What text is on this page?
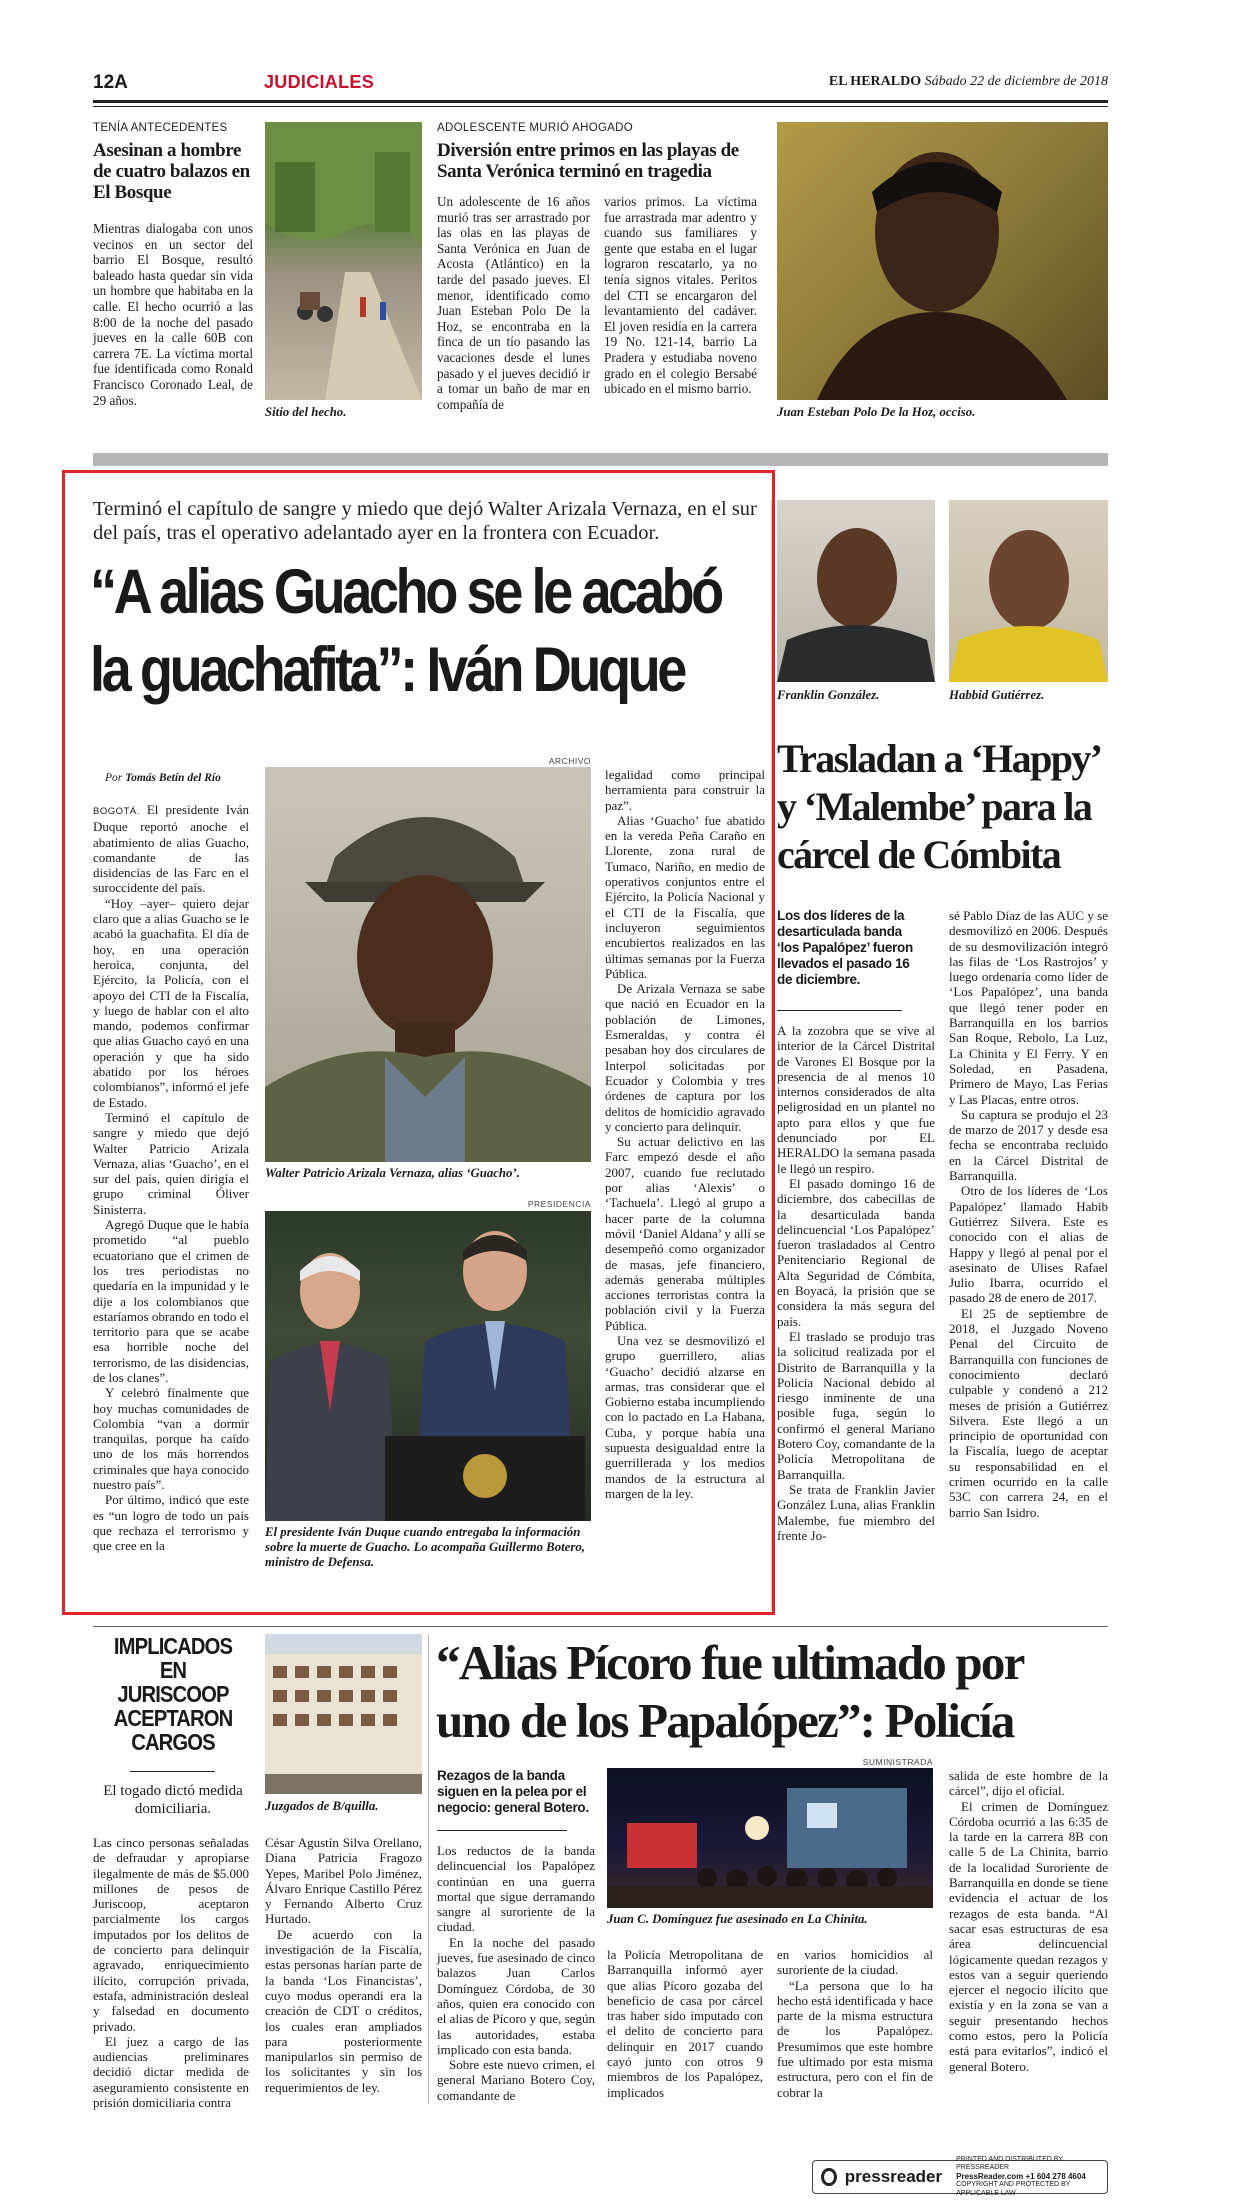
12A	JUDICIALES	EL HERALDO Sábado 22 de diciembre de 2018
TENÍA ANTECEDENTES
Asesinan a hombre de cuatro balazos en El Bosque

Mientras dialogaba con unos vecinos en un sector del barrio El Bosque, resultó baleado hasta quedar sin vida un hombre que habitaba en la calle. El hecho ocurrió a las 8:00 de la noche del pasado jueves en la calle 60B con carrera 7E. La víctima mortal fue identificada como Ronald Francisco Coronado Leal, de 29 años.

Sitio del hecho.
ADOLESCENTE MURIÓ AHOGADO
Diversión entre primos en las playas de Santa Verónica terminó en tragedia

Un adolescente de 16 años murió tras ser arrastrado por las olas en las playas de Santa Verónica en Juan de Acosta (Atlántico) en la tarde del pasado jueves. El menor, identificado como Juan Esteban Polo De la Hoz, se encontraba en la finca de un tío pasando las vacaciones desde el lunes pasado y el jueves decidió ir a tomar un baño de mar en compañía de

varios primos. La víctima fue arrastrada mar adentro y cuando sus familiares y gente que estaba en el lugar lograron rescatarlo, ya no tenía signos vitales. Peritos del CTI se encargaron del levantamiento del cadáver. El joven residía en la carrera 19 No. 121-14, barrio La Pradera y estudiaba noveno grado en el colegio Bersabé ubicado en el mismo barrio.

Juan Esteban Polo De la Hoz, occiso.
Terminó el capítulo de sangre y miedo que dejó Walter Arizala Vernaza, en el sur del país, tras el operativo adelantado ayer en la frontera con Ecuador.
“A alias Guacho se le acabó
la guachafita”: Iván Duque
Por Tomás Betín del Río

BOGOTÁ. El presidente Iván Duque reportó anoche el abatimiento de alias Guacho, comandante de las disidencias de las Farc en el suroccidente del país.

“Hoy –ayer– quiero dejar claro que a alias Guacho se le acabó la guachafita. El día de hoy, en una operación heroica, conjunta, del Ejército, la Policía, con el apoyo del CTI de la Fiscalía, y luego de hablar con el alto mando, podemos confirmar que alias Guacho cayó en una operación y que ha sido abatido por los héroes colombianos”, informó el jefe de Estado.

Terminó el capítulo de sangre y miedo que dejó Walter Patricio Arizala Vernaza, alias ‘Guacho’, en el sur del país, quien dirigía el grupo criminal Óliver Sinisterra.

Agregó Duque que le había prometido “al pueblo ecuatoriano que el crimen de los tres periodistas no quedaría en la impunidad y le dije a los colombianos que estaríamos obrando en todo el territorio para que se acabe esa horrible noche del terrorismo, de las disidencias, de los clanes”.

Y celebró finalmente que hoy muchas comunidades de Colombia “van a dormir tranquilas, porque ha caído uno de los más horrendos criminales que haya conocido nuestro país”.

Por último, indicó que este es “un logro de todo un país que rechaza el terrorismo y que cree en la

ARCHIVO
Walter Patricio Arizala Vernaza, alias ‘Guacho’.
PRESIDENCIA
El presidente Iván Duque cuando entregaba la información sobre la muerte de Guacho. Lo acompaña Guillermo Botero, ministro de Defensa.

legalidad como principal herramienta para construir la paz”.

Alias ‘Guacho’ fue abatido en la vereda Peña Caraño en Llorente, zona rural de Tumaco, Nariño, en medio de operativos conjuntos entre el Ejército, la Policía Nacional y el CTI de la Fiscalía, que incluyeron seguimientos encubiertos realizados en las últimas semanas por la Fuerza Pública.

De Arizala Vernaza se sabe que nació en Ecuador en la población de Limones, Esmeraldas, y contra él pesaban hoy dos circulares de Interpol solicitadas por Ecuador y Colombia y tres órdenes de captura por los delitos de homicidio agravado y concierto para delinquir.

Su actuar delictivo en las Farc empezó desde el año 2007, cuando fue reclutado por alias ‘Alexis’ o ‘Tachuela’. Llegó al grupo a hacer parte de la columna móvil ‘Daniel Aldana’ y allí se desempeñó como organizador de masas, jefe financiero, además generaba múltiples acciones terroristas contra la población civil y la Fuerza Pública.

Una vez se desmovilizó el grupo guerrillero, alias ‘Guacho’ decidió alzarse en armas, tras considerar que el Gobierno estaba incumpliendo con lo pactado en La Habana, Cuba, y porque había una supuesta desigualdad entre la guerrillerada y los medios mandos de la estructura al margen de la ley.

Franklin González.	Habbid Gutiérrez.
Trasladan a ‘Happy’ y ‘Malembe’ para la cárcel de Cómbita
Los dos líderes de la desarticulada banda ‘los Papalópez’ fueron llevados el pasado 16 de diciembre.

A la zozobra que se vive al interior de la Cárcel Distrital de Varones El Bosque por la presencia de al menos 10 internos considerados de alta peligrosidad en un plantel no apto para ellos y que fue denunciado por EL HERALDO la semana pasada le llegó un respiro.

El pasado domingo 16 de diciembre, dos cabecillas de la desarticulada banda delincuencial ‘Los Papalópez’ fueron trasladados al Centro Penitenciario Regional de Alta Seguridad de Cómbita, en Boyacá, la prisión que se considera la más segura del país.

El traslado se produjo tras la solicitud realizada por el Distrito de Barranquilla y la Policía Nacional debido al riesgo inminente de una posible fuga, según lo confirmó el general Mariano Botero Coy, comandante de la Policía Metropolitana de Barranquilla.

Se trata de Franklin Javier González Luna, alias Franklin Malembe, fue miembro del frente Jo-

sé Pablo Díaz de las AUC y se desmovilizó en 2006. Después de su desmovilización integró las filas de ‘Los Rastrojos’ y luego ordenaría como líder de ‘Los Papalópez’, una banda que llegó tener poder en Barranquilla en los barrios San Roque, Rebolo, La Luz, La Chinita y El Ferry. Y en Soledad, en Pasadena, Primero de Mayo, Las Ferias y Las Placas, entre otros.

Su captura se produjo el 23 de marzo de 2017 y desde esa fecha se encontraba recluido en la Cárcel Distrital de Barranquilla.

Otro de los líderes de ‘Los Papalópez’ llamado Habib Gutiérrez Silvera. Este es conocido con el alias de Happy y llegó al penal por el asesinato de Ulises Rafael Julio Ibarra, ocurrido el pasado 28 de enero de 2017.

El 25 de septiembre de 2018, el Juzgado Noveno Penal del Circuito de Barranquilla con funciones de conocimiento declaró culpable y condenó a 212 meses de prisión a Gutiérrez Silvera. Este llegó a un principio de oportunidad con la Fiscalía, luego de aceptar su responsabilidad en el crimen ocurrido en la calle 53C con carrera 24, en el barrio San Isidro.

IMPLICADOS EN JURISCOOP ACEPTARON CARGOS
El togado dictó medida domiciliaria.

Las cinco personas señaladas de defraudar y apropiarse ilegalmente de más de $5.000 millones de pesos de Juriscoop, aceptaron parcialmente los cargos imputados por los delitos de de concierto para delinquir agravado, enriquecimiento ilícito, corrupción privada, estafa, administración desleal y falsedad en documento privado.

El juez a cargo de las audiencias preliminares decidió dictar medida de aseguramiento consistente en prisión domiciliaria contra

Juzgados de B/quilla.

César Agustín Silva Orellano, Diana Patricia Fragozo Yepes, Maribel Polo Jiménez, Álvaro Enrique Castillo Pérez y Fernando Alberto Cruz Hurtado.

De acuerdo con la investigación de la Fiscalía, estas personas harían parte de la banda ‘Los Financistas’, cuyo modus operandi era la creación de CDT o créditos, los cuales eran ampliados para posteriormente manipularlos sin permiso de los solicitantes y sin los requerimientos de ley.

“Alias Pícoro fue ultimado por
uno de los Papalópez”: Policía
Rezagos de la banda siguen en la pelea por el negocio: general Botero.
SUMINISTRADA
Juan C. Domínguez fue asesinado en La Chinita.

Los reductos de la banda delincuencial los Papalópez continúan en una guerra mortal que sigue derramando sangre al suroriente de la ciudad.

En la noche del pasado jueves, fue asesinado de cinco balazos Juan Carlos Domínguez Córdoba, de 30 años, quien era conocido con el alias de Pícoro y que, según las autoridades, estaba implicado con esta banda.

Sobre este nuevo crimen, el general Mariano Botero Coy, comandante de

la Policía Metropolitana de Barranquilla informó ayer que alias Pícoro gozaba del beneficio de casa por cárcel tras haber sido imputado con el delito de concierto para delinquir en 2017 cuando cayó junto con otros 9 miembros de los Papalópez, implicados

en varios homicidios al suroriente de la ciudad.

“La persona que lo ha hecho está identificada y hace parte de la misma estructura de los Papalópez. Presumimos que este hombre fue ultimado por esta misma estructura, pero con el fin de cobrar la

salida de este hombre de la cárcel”, dijo el oficial.

El crimen de Domínguez Córdoba ocurrió a las 6:35 de la tarde en la carrera 8B con calle 5 de La Chinita, barrio de la localidad Suroriente de Barranquilla en donde se tiene evidencia el actuar de los rezagos de esta banda. “Al sacar esas estructuras de esa área delincuencial lógicamente quedan rezagos y estos van a seguir queriendo ejercer el negocio ilícito que existía y en la zona se van a seguir presentando hechos como estos, pero la Policía está para evitarlos”, indicó el general Botero.

pressreader
PRINTED AND DISTRIBUTED BY PRESSREADER
PressReader.com +1 604 278 4604
COPYRIGHT AND PROTECTED BY APPLICABLE LAW
